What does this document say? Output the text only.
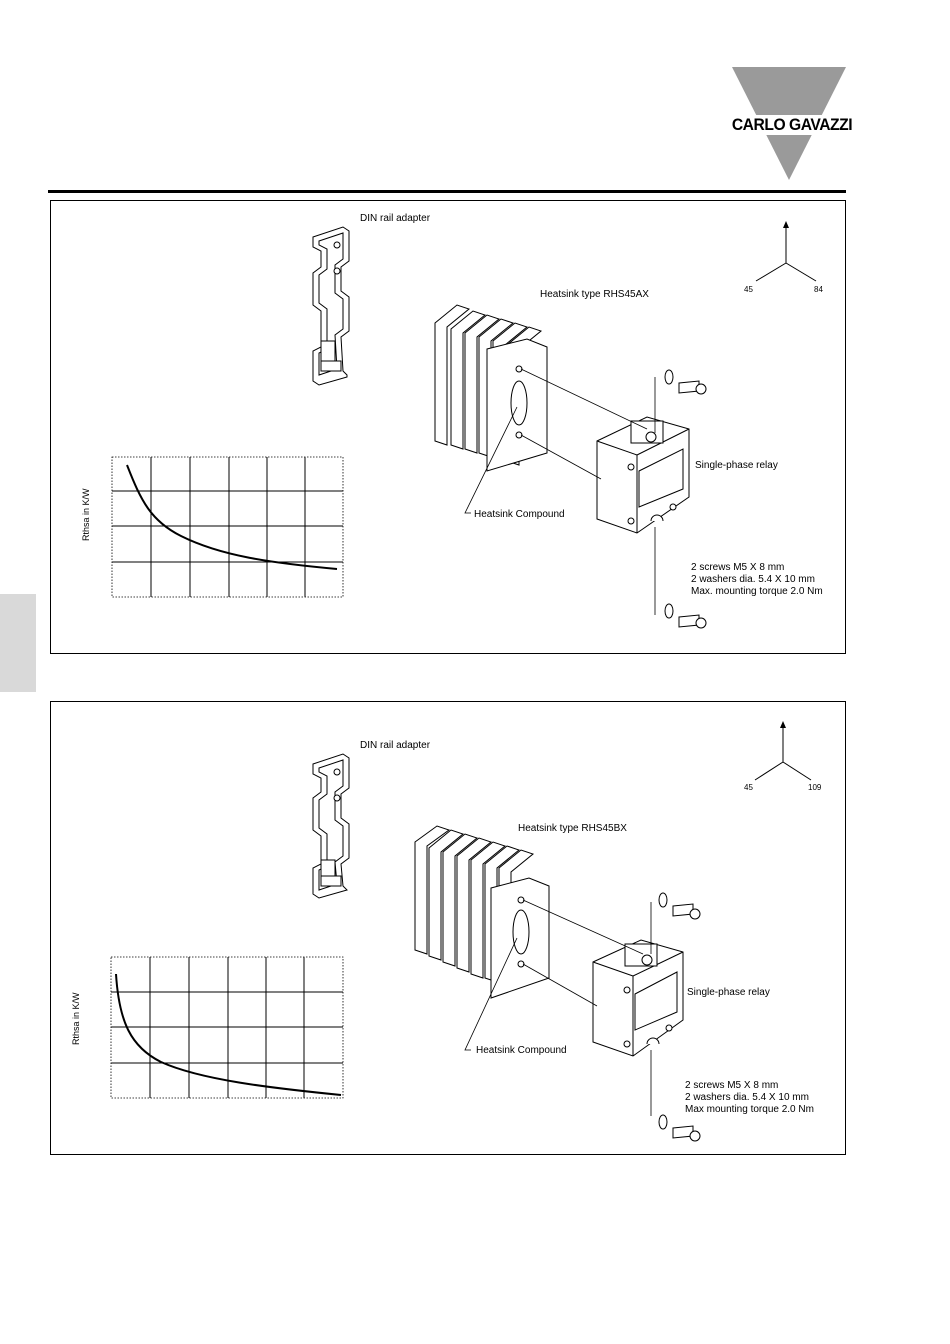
CARLO GAVAZZI
DIN rail adapter
Heatsink type RHS45AX
Single-phase relay
Heatsink Compound
2 screws M5 X 8 mm
2 washers dia. 5.4 X 10 mm
Max. mounting torque 2.0 Nm
45	84
Rthsa in K/W
DIN rail adapter
Heatsink type RHS45BX
Single-phase relay
Heatsink Compound
2 screws M5 X 8 mm
2 washers dia. 5.4 X 10 mm
Max mounting torque 2.0 Nm
45	109
Rthsa in K/W
